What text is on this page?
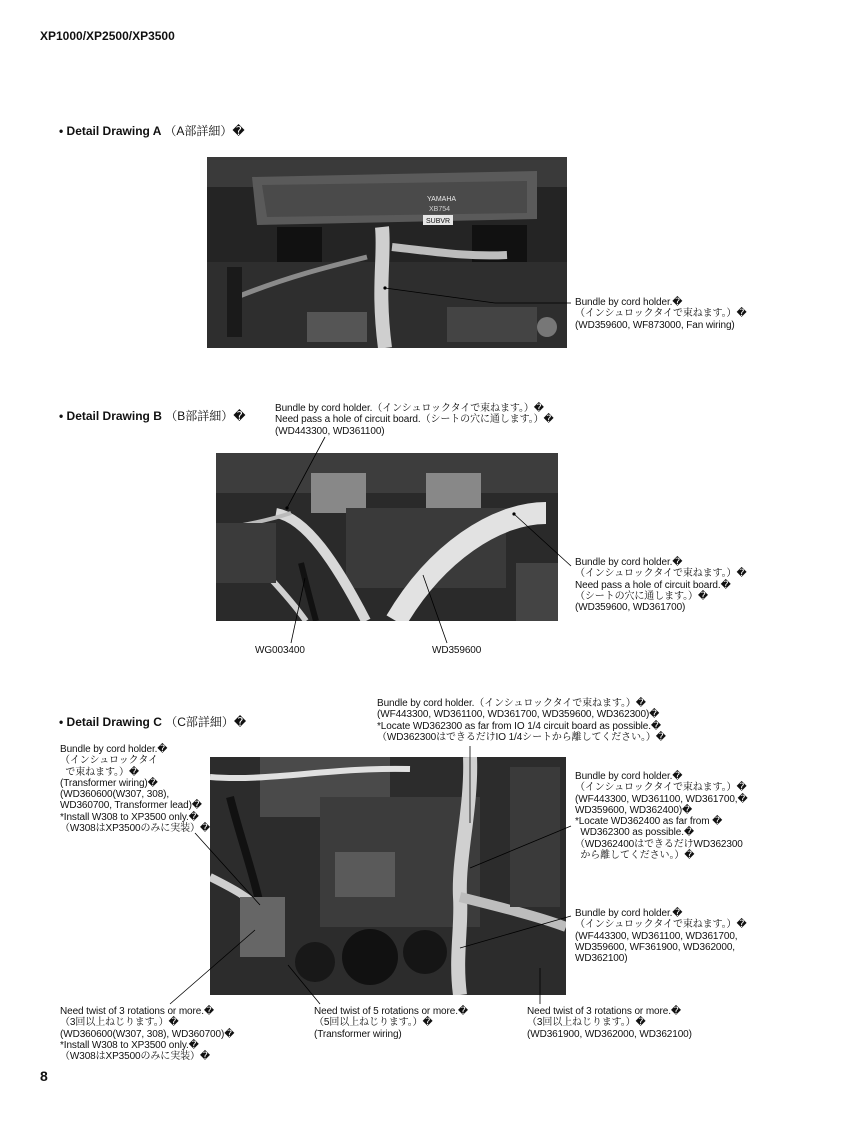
XP1000/XP2500/XP3500
• Detail Drawing A （A部詳細）�
YAMAHA
XB754
SUBVR
Bundle by cord holder.�
（インシュロックタイで束ねます。）�
(WD359600, WF873000, Fan wiring)
• Detail Drawing B （B部詳細）�
Bundle by cord holder.（インシュロックタイで束ねます。）�
Need pass a hole of circuit board.（シートの穴に通します。）�
(WD443300, WD361100)
Bundle by cord holder.�
（インシュロックタイで束ねます。）�
Need pass a hole of circuit board.�
（シートの穴に通します。）�
(WD359600, WD361700)
WG003400	WD359600
• Detail Drawing C （C部詳細）�
Bundle by cord holder.（インシュロックタイで束ねます。）�
(WF443300, WD361100, WD361700, WD359600, WD362300)�
*Locate WD362300 as far from IO 1/4 circuit board as possible.�
（WD362300はできるだけIO 1/4シートから離してください。）�
Bundle by cord holder.�
（インシュロックタイ
で束ねます。）�
(Transformer wiring)�
(WD360600(W307, 308),
WD360700, Transformer lead)�
*Install W308 to XP3500 only.�
（W308はXP3500のみに実装）�
Bundle by cord holder.�
（インシュロックタイで束ねます。）�
(WF443300, WD361100, WD361700,�
WD359600, WD362400)�
*Locate WD362400 as far from �
WD362300 as possible.�
（WD362400はできるだけWD362300
から離してください。）�
Bundle by cord holder.�
（インシュロックタイで束ねます。）�
(WF443300, WD361100, WD361700,
WD359600, WF361900, WD362000,
WD362100)
Need twist of 3 rotations or more.�
（3回以上ねじります。）�
(WD360600(W307, 308), WD360700)�
*Install W308 to XP3500 only.�
（W308はXP3500のみに実装）�
Need twist of 5 rotations or more.�
（5回以上ねじります。）�
(Transformer wiring)
Need twist of 3 rotations or more.�
（3回以上ねじります。）�
(WD361900, WD362000, WD362100)
8
